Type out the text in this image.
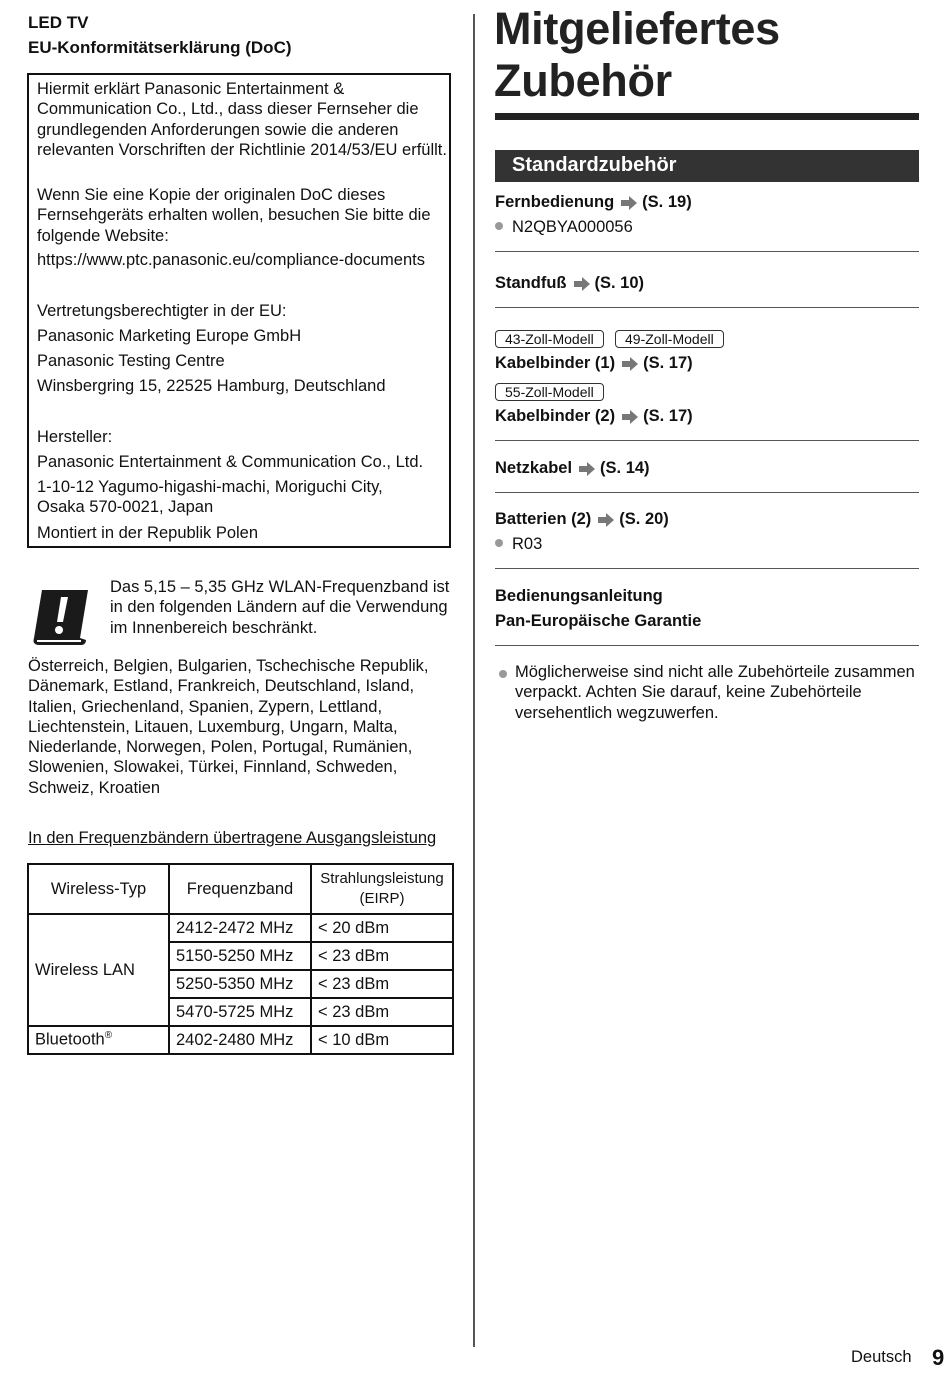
LED TV
EU-Konformitätserklärung (DoC)
Hiermit erklärt Panasonic Entertainment & Communication Co., Ltd., dass dieser Fernseher die grundlegenden Anforderungen sowie die anderen relevanten Vorschriften der Richtlinie 2014/53/EU erfüllt.
Wenn Sie eine Kopie der originalen DoC dieses Fernsehgeräts erhalten wollen, besuchen Sie bitte die folgende Website:
https://www.ptc.panasonic.eu/compliance-documents
Vertretungsberechtigter in der EU:
Panasonic Marketing Europe GmbH
Panasonic Testing Centre
Winsbergring 15, 22525 Hamburg, Deutschland
Hersteller:
Panasonic Entertainment & Communication Co., Ltd.
1-10-12 Yagumo-higashi-machi, Moriguchi City, Osaka 570-0021, Japan
Montiert in der Republik Polen
Das 5,15 – 5,35 GHz WLAN-Frequenzband ist in den folgenden Ländern auf die Verwendung im Innenbereich beschränkt.
Österreich, Belgien, Bulgarien, Tschechische Republik, Dänemark, Estland, Frankreich, Deutschland, Island, Italien, Griechenland, Spanien, Zypern, Lettland, Liechtenstein, Litauen, Luxemburg, Ungarn, Malta, Niederlande, Norwegen, Polen, Portugal, Rumänien, Slowenien, Slowakei, Türkei, Finnland, Schweden, Schweiz, Kroatien
In den Frequenzbändern übertragene Ausgangsleistung
Wireless-Typ	Frequenzband	Strahlungsleistung (EIRP)
Wireless LAN	2412-2472 MHz	< 20 dBm
	5150-5250 MHz	< 23 dBm
	5250-5350 MHz	< 23 dBm
	5470-5725 MHz	< 23 dBm
Bluetooth®	2402-2480 MHz	< 10 dBm
Mitgeliefertes
Zubehör
Standardzubehör
Fernbedienung (S. 19)
N2QBYA000056
Standfuß (S. 10)
43-Zoll-Modell	49-Zoll-Modell
Kabelbinder (1) (S. 17)
55-Zoll-Modell
Kabelbinder (2) (S. 17)
Netzkabel (S. 14)
Batterien (2) (S. 20)
R03
Bedienungsanleitung
Pan-Europäische Garantie
Möglicherweise sind nicht alle Zubehörteile zusammen verpackt. Achten Sie darauf, keine Zubehörteile versehentlich wegzuwerfen.
Deutsch 9
